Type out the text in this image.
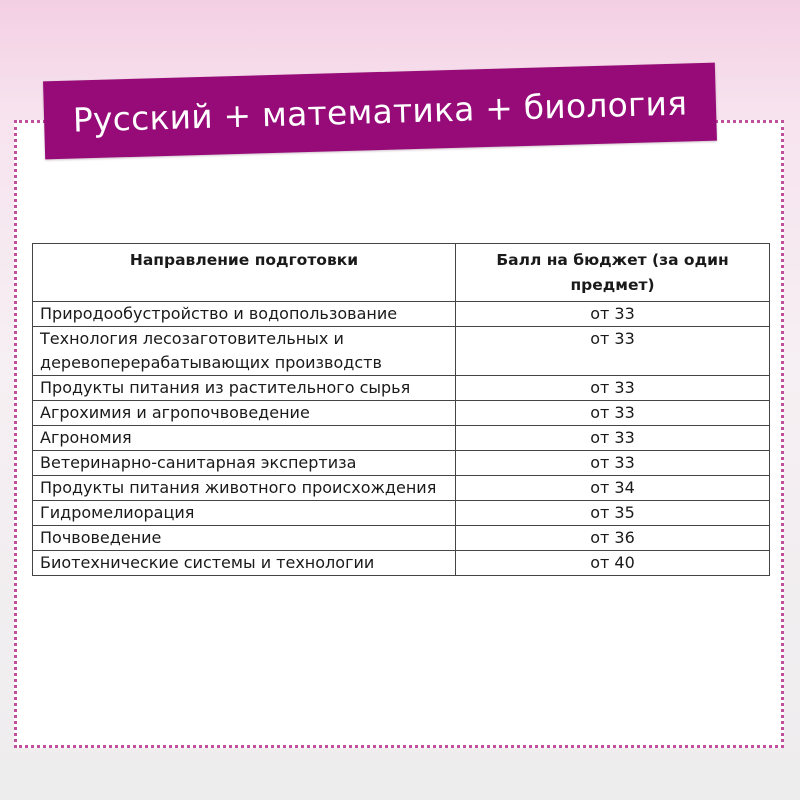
Русский + математика + биология
Направление подготовки	Балл на бюджет (за один предмет)
Природообустройство и водопользование	от 33
Технология лесозаготовительных и деревоперерабатывающих производств	от 33
Продукты питания из растительного сырья	от 33
Агрохимия и агропочвоведение	от 33
Агрономия	от 33
Ветеринарно-санитарная экспертиза	от 33
Продукты питания животного происхождения	от 34
Гидромелиорация	от 35
Почвоведение	от 36
Биотехнические системы и технологии	от 40
